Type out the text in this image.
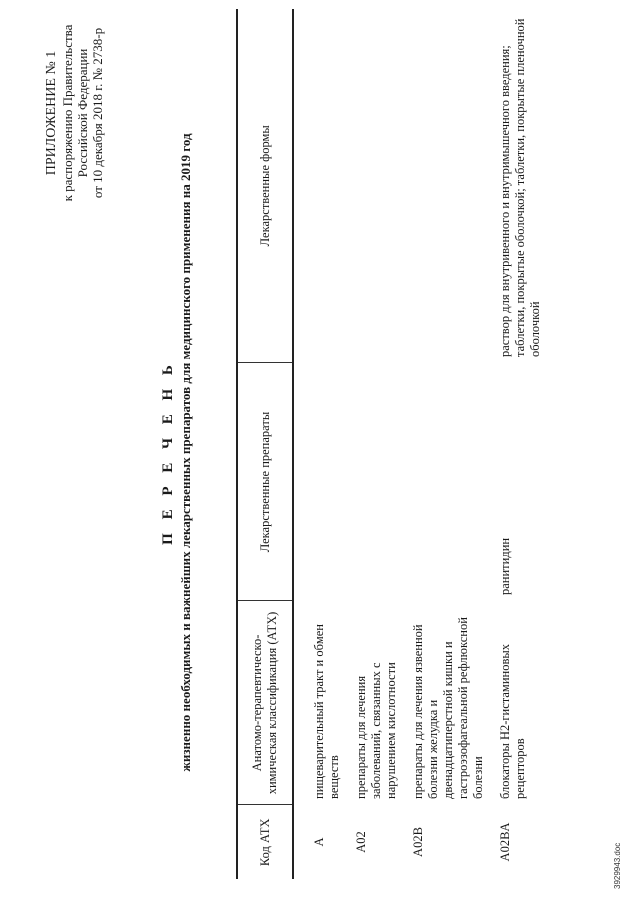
ПРИЛОЖЕНИЕ № 1 к распоряжению Правительства Российской Федерации от 10 декабря 2018 г. № 2738-р
П Е Р Е Ч Е Н Ь жизненно необходимых и важнейших лекарственных препаратов для медицинского применения на 2019 год
Код АТХ	Анатомо-терапевтическо-химическая классификация (АТХ)	Лекарственные препараты	Лекарственные формы
A	пищеварительный тракт и обмен веществ		
A02	препараты для лечения заболеваний, связанных с нарушением кислотности		
A02B	препараты для лечения язвенной болезни желудка и двенадцатиперстной кишки и гастроэзофагеальной рефлюксной болезни		
A02BA	блокаторы H2-гистаминовых рецепторов	ранитидин	раствор для внутривенного и внутримышечного введения; таблетки, покрытые оболочкой; таблетки, покрытые пленочной оболочкой
3929943.doc
